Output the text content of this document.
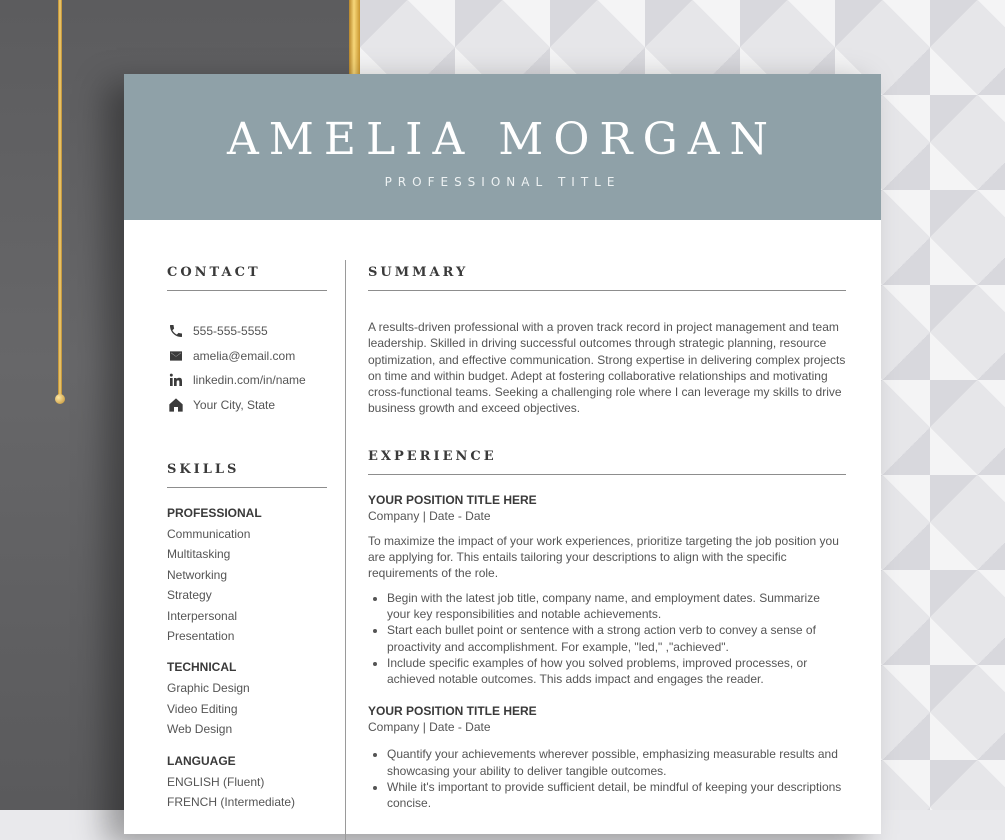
AMELIA MORGAN
PROFESSIONAL TITLE
CONTACT
555-555-5555
amelia@email.com
linkedin.com/in/name
Your City, State
SKILLS
PROFESSIONAL
Communication
Multitasking
Networking
Strategy
Interpersonal
Presentation
TECHNICAL
Graphic Design
Video Editing
Web Design
LANGUAGE
ENGLISH (Fluent)
FRENCH (Intermediate)
SUMMARY
A results-driven professional with a proven track record in project management and team leadership. Skilled in driving successful outcomes through strategic planning, resource optimization, and effective communication. Strong expertise in delivering complex projects on time and within budget. Adept at fostering collaborative relationships and motivating cross-functional teams. Seeking a challenging role where I can leverage my skills to drive business growth and exceed objectives.
EXPERIENCE
YOUR POSITION TITLE HERE
Company | Date - Date
To maximize the impact of your work experiences, prioritize targeting the job position you are applying for. This entails tailoring your descriptions to align with the specific requirements of the role.
• Begin with the latest job title, company name, and employment dates. Summarize your key responsibilities and notable achievements.
• Start each bullet point or sentence with a strong action verb to convey a sense of proactivity and accomplishment. For example, "led," ,"achieved".
• Include specific examples of how you solved problems, improved processes, or achieved notable outcomes. This adds impact and engages the reader.
YOUR POSITION TITLE HERE
Company | Date - Date
• Quantify your achievements wherever possible, emphasizing measurable results and showcasing your ability to deliver tangible outcomes.
• While it's important to provide sufficient detail, be mindful of keeping your descriptions concise.
